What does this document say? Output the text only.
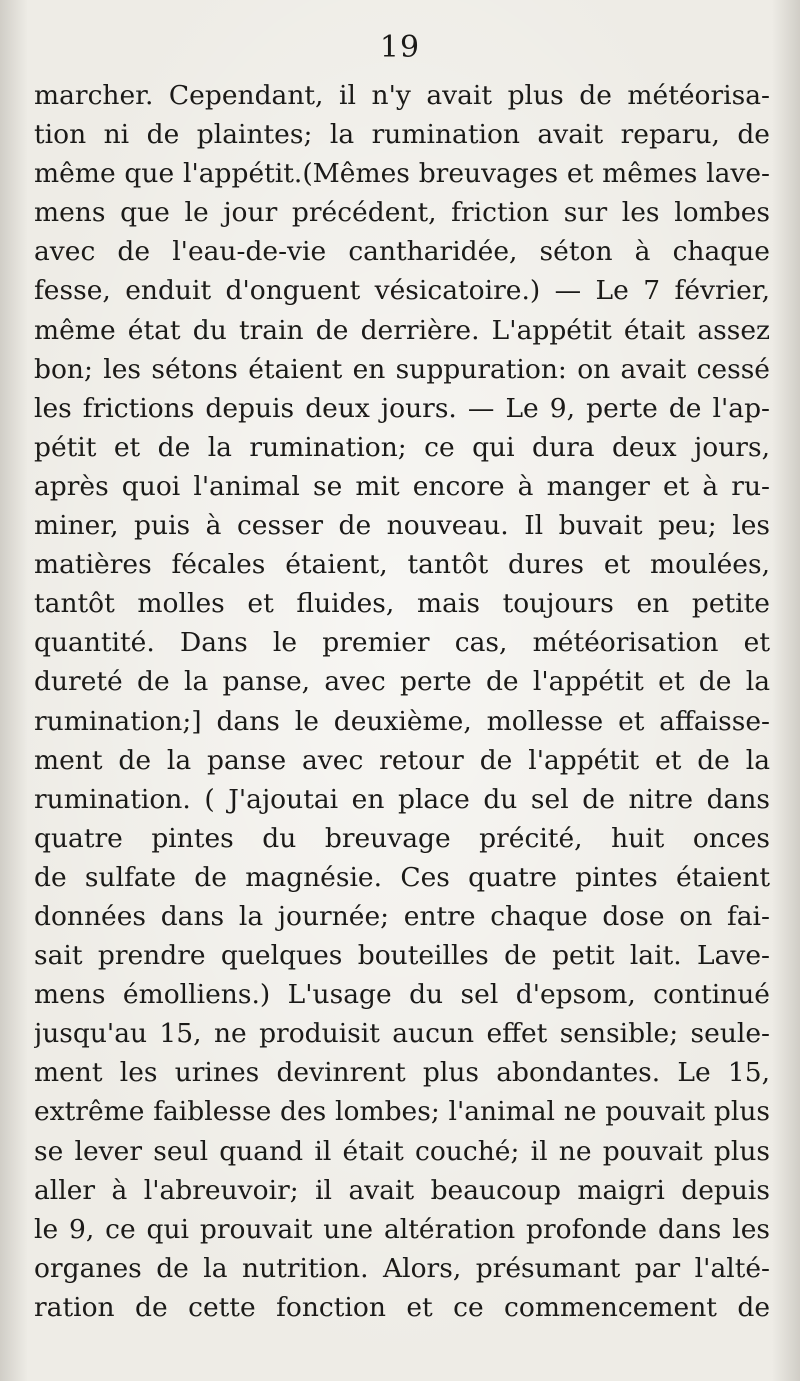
19
marcher. Cependant, il n'y avait plus de météorisa-
tion ni de plaintes; la rumination avait reparu, de
même que l'appétit.(Mêmes breuvages et mêmes lave-
mens que le jour précédent, friction sur les lombes
avec de l'eau-de-vie cantharidée, séton à chaque
fesse, enduit d'onguent vésicatoire.) — Le 7 février,
même état du train de derrière. L'appétit était assez
bon; les sétons étaient en suppuration: on avait cessé
les frictions depuis deux jours. — Le 9, perte de l'ap-
pétit et de la rumination; ce qui dura deux jours,
après quoi l'animal se mit encore à manger et à ru-
miner, puis à cesser de nouveau. Il buvait peu; les
matières fécales étaient, tantôt dures et moulées,
tantôt molles et fluides, mais toujours en petite
quantité. Dans le premier cas, météorisation et
dureté de la panse, avec perte de l'appétit et de la
rumination;] dans le deuxième, mollesse et affaisse-
ment de la panse avec retour de l'appétit et de la
rumination. ( J'ajoutai en place du sel de nitre dans
quatre pintes du breuvage précité, huit onces
de sulfate de magnésie. Ces quatre pintes étaient
données dans la journée; entre chaque dose on fai-
sait prendre quelques bouteilles de petit lait. Lave-
mens émolliens.) L'usage du sel d'epsom, continué
jusqu'au 15, ne produisit aucun effet sensible; seule-
ment les urines devinrent plus abondantes. Le 15,
extrême faiblesse des lombes; l'animal ne pouvait plus
se lever seul quand il était couché; il ne pouvait plus
aller à l'abreuvoir; il avait beaucoup maigri depuis
le 9, ce qui prouvait une altération profonde dans les
organes de la nutrition. Alors, présumant par l'alté-
ration de cette fonction et ce commencement de
